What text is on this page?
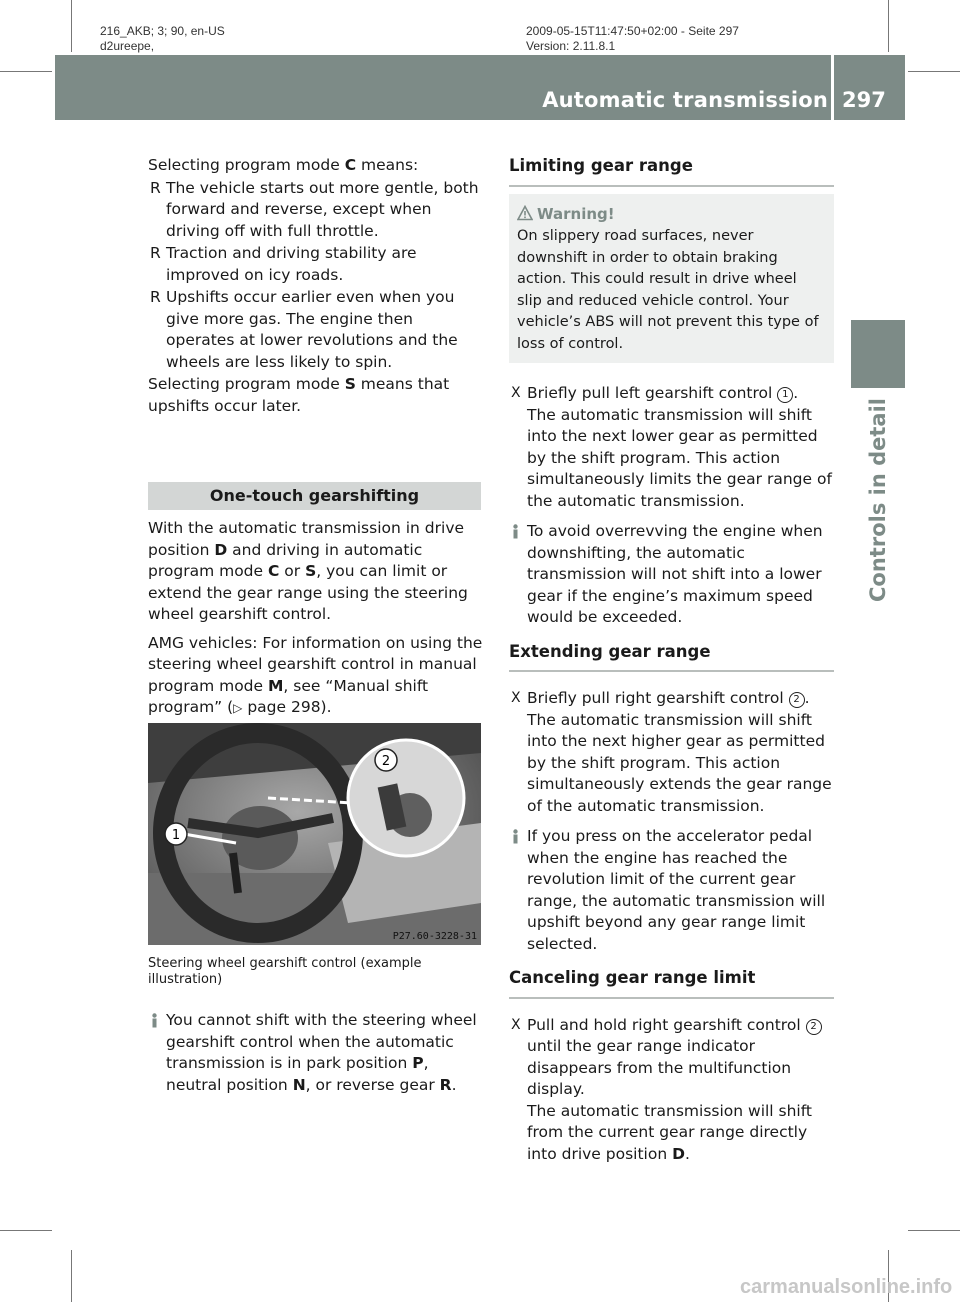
216_AKB; 3; 90, en-US
d2ureepe,
2009-05-15T11:47:50+02:00 - Seite 297
Version: 2.11.8.1
Automatic transmission 297
Controls in detail

Selecting program mode C means:

R The vehicle starts out more gentle, both forward and reverse, except when driving off with full throttle.

R Traction and driving stability are improved on icy roads.

R Upshifts occur earlier even when you give more gas. The engine then operates at lower revolutions and the wheels are less likely to spin.

Selecting program mode S means that upshifts occur later.

One-touch gearshifting

With the automatic transmission in drive position D and driving in automatic program mode C or S, you can limit or extend the gear range using the steering wheel gearshift control.

AMG vehicles: For information on using the steering wheel gearshift control in manual program mode M, see “Manual shift program” (▷ page 298).

1
2
P27.60-3228-31
Steering wheel gearshift control (example illustration)

You cannot shift with the steering wheel gearshift control when the automatic transmission is in park position P, neutral position N, or reverse gear R.

Limiting gear range
Warning!
On slippery road surfaces, never downshift in order to obtain braking action. This could result in drive wheel slip and reduced vehicle control. Your vehicle’s ABS will not prevent this type of loss of control.

X Briefly pull left gearshift control 1 .

The automatic transmission will shift into the next lower gear as permitted by the shift program. This action simultaneously limits the gear range of the automatic transmission.

To avoid overrevving the engine when downshifting, the automatic transmission will not shift into a lower gear if the engine’s maximum speed would be exceeded.

Extending gear range

X Briefly pull right gearshift control 2 .

The automatic transmission will shift into the next higher gear as permitted by the shift program. This action simultaneously extends the gear range of the automatic transmission.

If you press on the accelerator pedal when the engine has reached the revolution limit of the current gear range, the automatic transmission will upshift beyond any gear range limit selected.

Canceling gear range limit

X Pull and hold right gearshift control 2 until the gear range indicator disappears from the multifunction display.

The automatic transmission will shift from the current gear range directly into drive position D.

carmanualsonline.info
